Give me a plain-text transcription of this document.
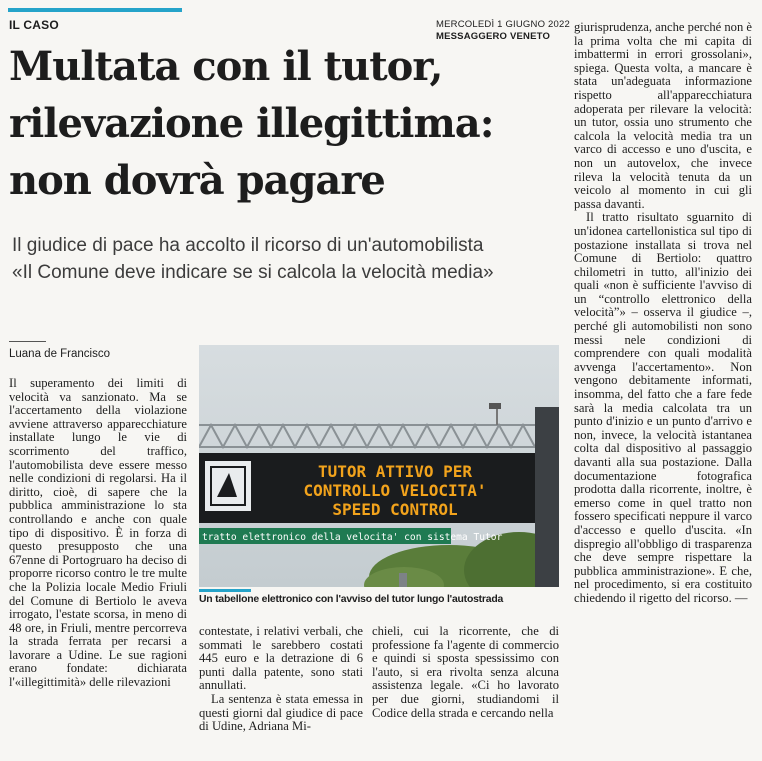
IL CASO	MERCOLEDÌ 1 GIUGNO 2022
MESSAGGERO VENETO
Multata con il tutor,
rilevazione illegittima:
non dovrà pagare
Il giudice di pace ha accolto il ricorso di un'automobilista
«Il Comune deve indicare se si calcola la velocità media»
Luana de Francisco

Il superamento dei limiti di velocità va sanzionato. Ma se l'accertamento della violazione avviene attraverso apparecchiature installate lungo le vie di scorrimento del traffico, l'automobilista deve essere messo nelle condizioni di regolarsi. Ha il diritto, cioè, di sapere che la pubblica amministrazione lo sta controllando e anche con quale tipo di dispositivo. È in forza di questo presupposto che una 67enne di Portogruaro ha deciso di proporre ricorso contro le tre multe che la Polizia locale Medio Friuli del Comune di Bertiolo le aveva irrogato, l'estate scorsa, in meno di 48 ore, in Friuli, mentre percorreva la strada ferrata per recarsi a lavorare a Udine. Le sue ragioni erano fondate: dichiarata l'«illegittimità» delle rilevazioni

TUTOR ATTIVO PER
CONTROLLO VELOCITA'
SPEED CONTROL
tratto elettronico della velocita' con sistema Tutor
Un tabellone elettronico con l'avviso del tutor lungo l'autostrada

contestate, i relativi verbali, che sommati le sarebbero costati 445 euro e la detrazione di 6 punti dalla patente, sono stati annullati.

La sentenza è stata emessa in questi giorni dal giudice di pace di Udine, Adriana Mi-

chieli, cui la ricorrente, che di professione fa l'agente di commercio e quindi si sposta spessissimo con l'auto, si era rivolta senza alcuna assistenza legale. «Ci ho lavorato per due giorni, studiandomi il Codice della strada e cercando nella

giurisprudenza, anche perché non è la prima volta che mi capita di imbattermi in errori grossolani», spiega. Questa volta, a mancare è stata un'adeguata informazione rispetto all'apparecchiatura adoperata per rilevare la velocità: un tutor, ossia uno strumento che calcola la velocità media tra un varco di accesso e uno d'uscita, e non un autovelox, che invece rileva la velocità tenuta da un veicolo al momento in cui gli passa davanti.

Il tratto risultato sguarnito di un'idonea cartellonistica sul tipo di postazione installata si trova nel Comune di Bertiolo: quattro chilometri in tutto, all'inizio dei quali «non è sufficiente l'avviso di un “controllo elettronico della velocità”» – osserva il giudice –, perché gli automobilisti non sono messi nele condizioni di comprendere con quali modalità avvenga l'accertamento». Non vengono debitamente informati, insomma, del fatto che a fare fede sarà la media calcolata tra un punto d'inizio e un punto d'arrivo e non, invece, la velocità istantanea colta dal dispositivo al passaggio davanti alla sua postazione. Dalla documentazione fotografica prodotta dalla ricorrente, inoltre, è emerso come in quel tratto non fossero specificati neppure il varco d'accesso e quello d'uscita. «In dispregio all'obbligo di trasparenza che deve sempre rispettare la pubblica amministrazione». E che, nel procedimento, si era costituito chiedendo il rigetto del ricorso. —
